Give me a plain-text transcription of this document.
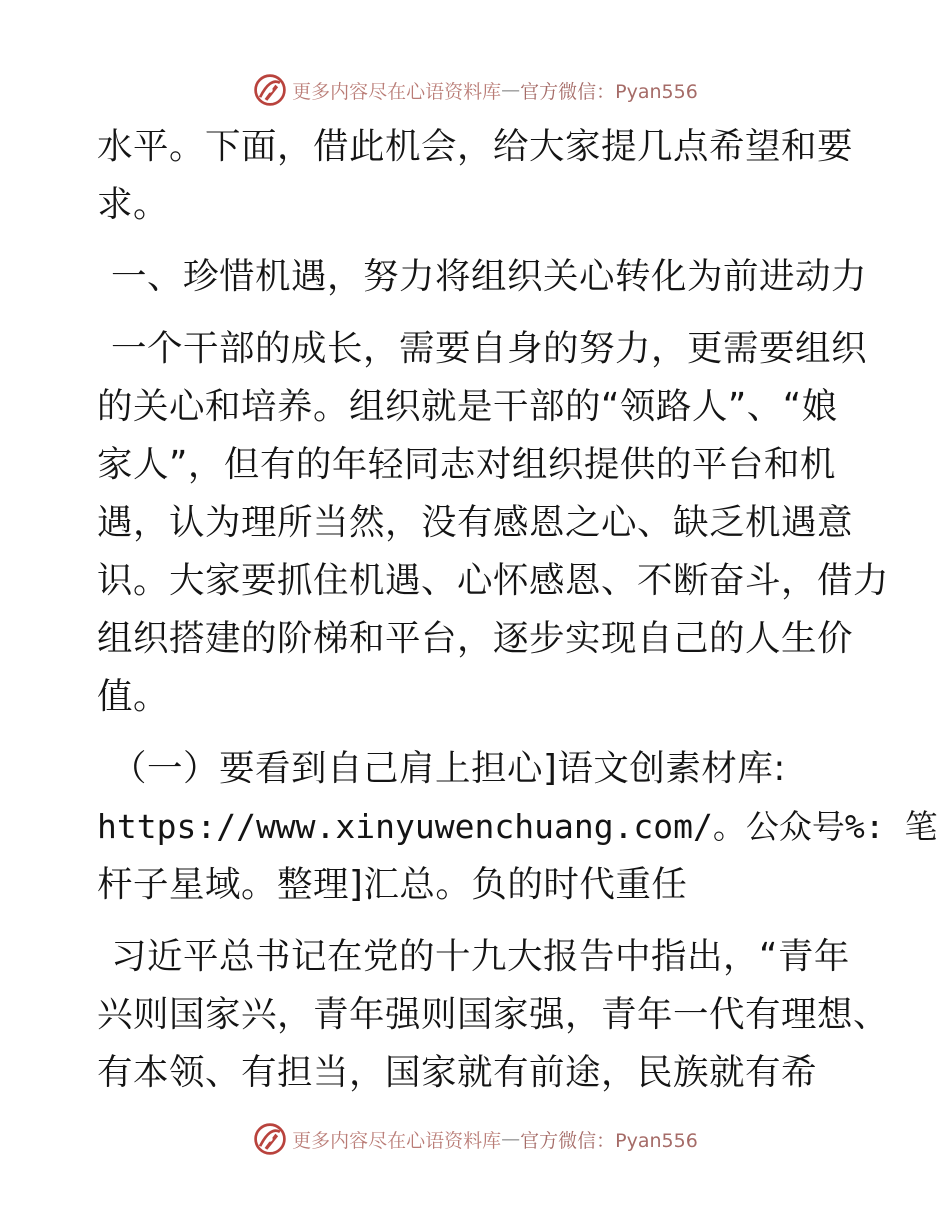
更多内容尽在心语资料库 — 官方微信：Pyan556

水平。下面，借此机会，给大家提几点希望和要
求。

一、珍惜机遇，努力将组织关心转化为前进动力

一个干部的成长，需要自身的努力，更需要组织
的关心和培养。组织就是干部的“领路人”、“娘
家人”，但有的年轻同志对组织提供的平台和机
遇，认为理所当然，没有感恩之心、缺乏机遇意
识。大家要抓住机遇、心怀感恩、不断奋斗，借力
组织搭建的阶梯和平台，逐步实现自己的人生价
值。

（一）要看到自己肩上担心]语文创素材库:
https://www.xinyuwenchuang.com/。公众号%: 笔
杆子星域。整理]汇总。负的时代重任

习近平总书记在党的十九大报告中指出，“青年
兴则国家兴，青年强则国家强，青年一代有理想、
有本领、有担当，国家就有前途，民族就有希

更多内容尽在心语资料库 — 官方微信：Pyan556
